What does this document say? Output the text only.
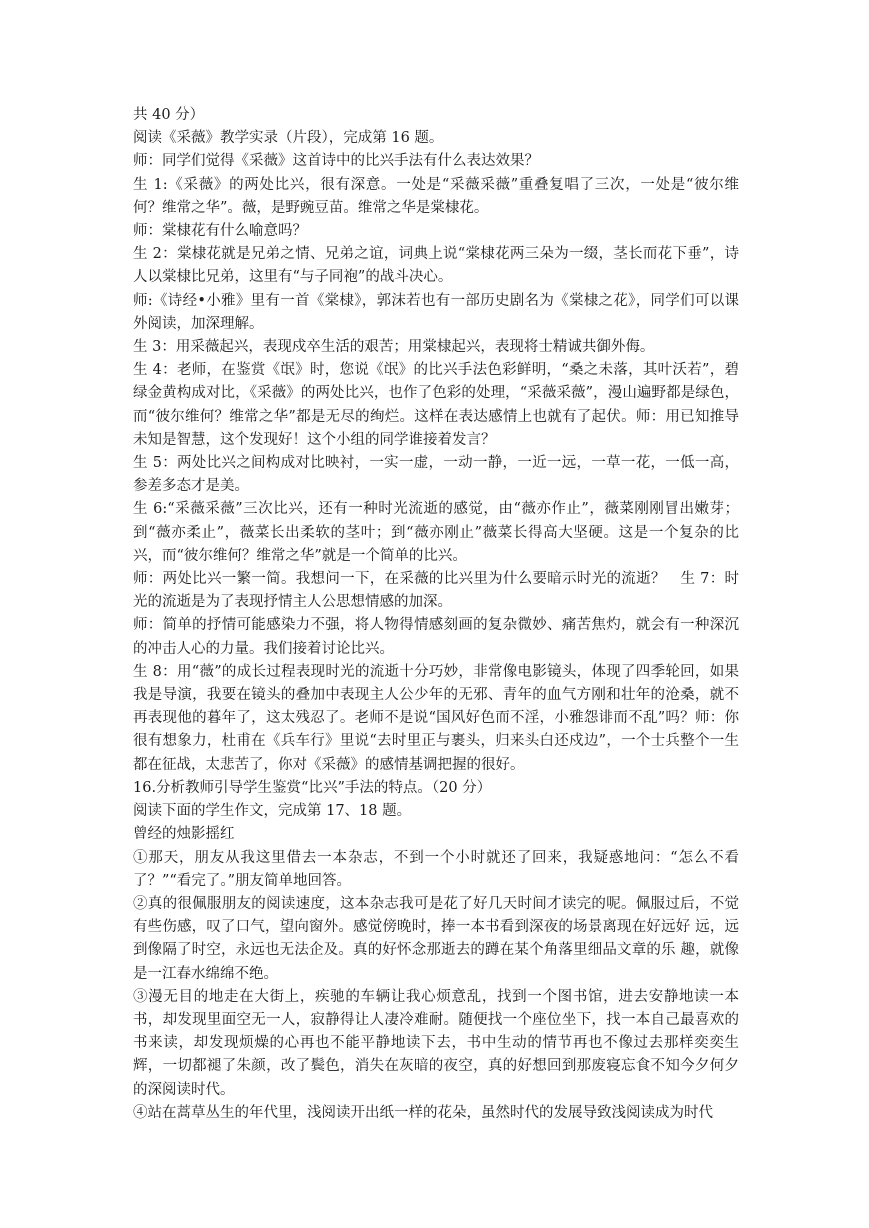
共 40 分）

阅读《采薇》教学实录（片段），完成第 16 题。

师：同学们觉得《采薇》这首诗中的比兴手法有什么表达效果？

生 1:《采薇》的两处比兴，很有深意。一处是“采薇采薇”重叠复唱了三次，一处是“彼尔维何？维常之华”。薇，是野豌豆苗。维常之华是棠棣花。

师：棠棣花有什么喻意吗？

生 2：棠棣花就是兄弟之情、兄弟之谊，词典上说“棠棣花两三朵为一缀，茎长而花下垂”，诗人以棠棣比兄弟，这里有“与子同袍”的战斗决心。

师:《诗经•小雅》里有一首《棠棣》，郭沫若也有一部历史剧名为《棠棣之花》，同学们可以课外阅读，加深理解。

生 3：用采薇起兴，表现戍卒生活的艰苦；用棠棣起兴，表现将士精诚共御外侮。

生 4：老师，在鉴赏《氓》时，您说《氓》的比兴手法色彩鲜明，“桑之未落，其叶沃若”，碧绿金黄构成对比，《采薇》的两处比兴，也作了色彩的处理，“采薇采薇”，漫山遍野都是绿色，而“彼尔维何？维常之华”都是无尽的绚烂。这样在表达感情上也就有了起伏。师：用已知推导未知是智慧，这个发现好！这个小组的同学谁接着发言？

生 5：两处比兴之间构成对比映衬，一实一虚，一动一静，一近一远，一草一花，一低一高，参差多态才是美。

生 6:“采薇采薇”三次比兴，还有一种时光流逝的感觉，由“薇亦作止”，薇菜刚刚冒出嫩芽；到“薇亦柔止”，薇菜长出柔软的茎叶；到“薇亦刚止”薇菜长得高大坚硬。这是一个复杂的比兴，而“彼尔维何？维常之华”就是一个简单的比兴。

师：两处比兴一繁一简。我想问一下，在采薇的比兴里为什么要暗示时光的流逝？　生 7：时光的流逝是为了表现抒情主人公思想情感的加深。

师：简单的抒情可能感染力不强，将人物得情感刻画的复杂微妙、痛苦焦灼，就会有一种深沉的冲击人心的力量。我们接着讨论比兴。

生 8：用“薇”的成长过程表现时光的流逝十分巧妙，非常像电影镜头，体现了四季轮回，如果我是导演，我要在镜头的叠加中表现主人公少年的无邪、青年的血气方刚和壮年的沧桑，就不再表现他的暮年了，这太残忍了。老师不是说“国风好色而不淫，小雅怨诽而不乱”吗？师：你很有想象力，杜甫在《兵车行》里说“去时里正与裹头，归来头白还戍边”，一个士兵整个一生都在征战，太悲苦了，你对《采薇》的感情基调把握的很好。

16.分析教师引导学生鉴赏“比兴”手法的特点。（20 分）

阅读下面的学生作文，完成第 17、18 题。

曾经的烛影摇红

①那天，朋友从我这里借去一本杂志，不到一个小时就还了回来，我疑惑地问：“怎么不看了？”“看完了。”朋友简单地回答。

②真的很佩服朋友的阅读速度，这本杂志我可是花了好几天时间才读完的呢。佩服过后，不觉有些伤感，叹了口气，望向窗外。感觉傍晚时，捧一本书看到深夜的场景离现在好远好 远，远到像隔了时空，永远也无法企及。真的好怀念那逝去的蹲在某个角落里细品文章的乐 趣，就像是一江春水绵绵不绝。

③漫无目的地走在大街上，疾驰的车辆让我心烦意乱，找到一个图书馆，进去安静地读一本书，却发现里面空无一人，寂静得让人凄冷难耐。随便找一个座位坐下，找一本自己最喜欢的书来读，却发现烦燥的心再也不能平静地读下去，书中生动的情节再也不像过去那样奕奕生辉，一切都褪了朱颜，改了鬓色，消失在灰暗的夜空，真的好想回到那废寝忘食不知今夕何夕的深阅读时代。

④站在蒿草丛生的年代里，浅阅读开出纸一样的花朵，虽然时代的发展导致浅阅读成为时代
